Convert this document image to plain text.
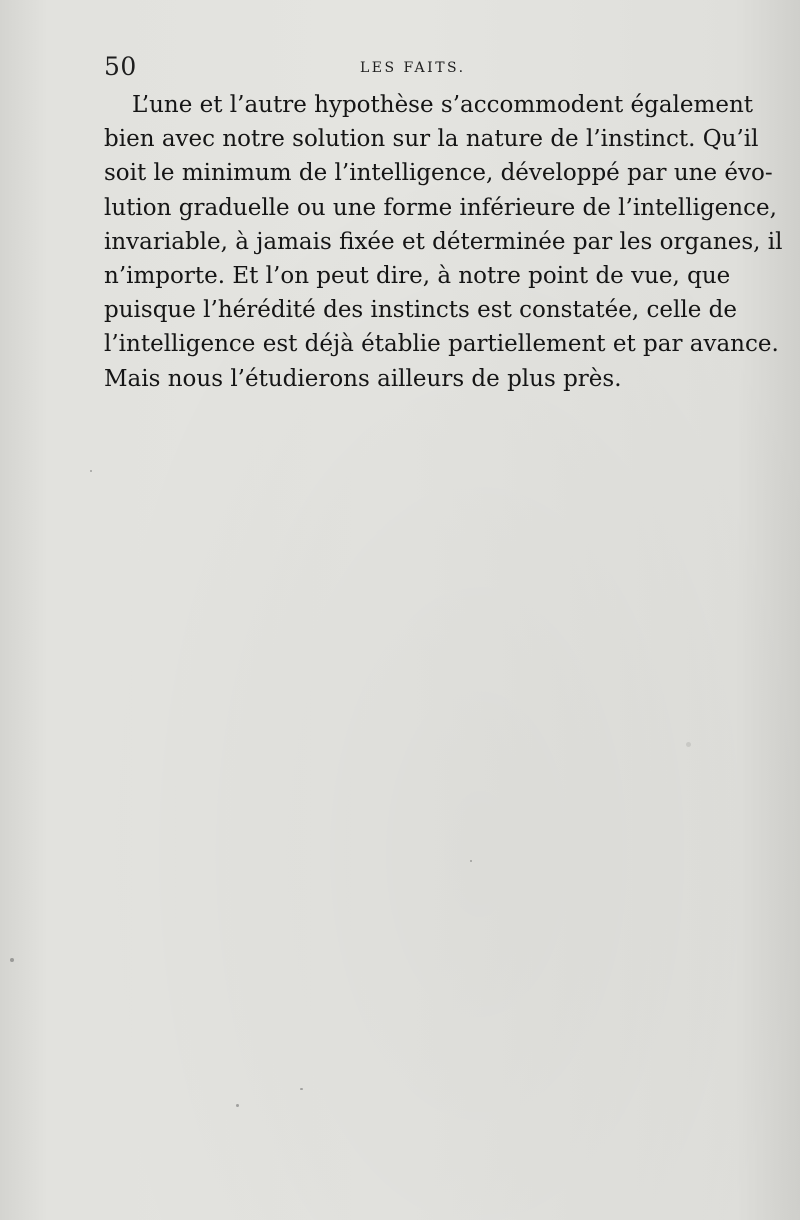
50	LES FAITS.
L’une et l’autre hypothèse s’accommodent également
bien avec notre solution sur la nature de l’instinct. Qu’il
soit le minimum de l’intelligence, développé par une évo-
lution graduelle ou une forme inférieure de l’intelligence,
invariable, à jamais fixée et déterminée par les organes, il
n’importe. Et l’on peut dire, à notre point de vue, que
puisque l’hérédité des instincts est constatée, celle de
l’intelligence est déjà établie partiellement et par avance.
Mais nous l’étudierons ailleurs de plus près.
